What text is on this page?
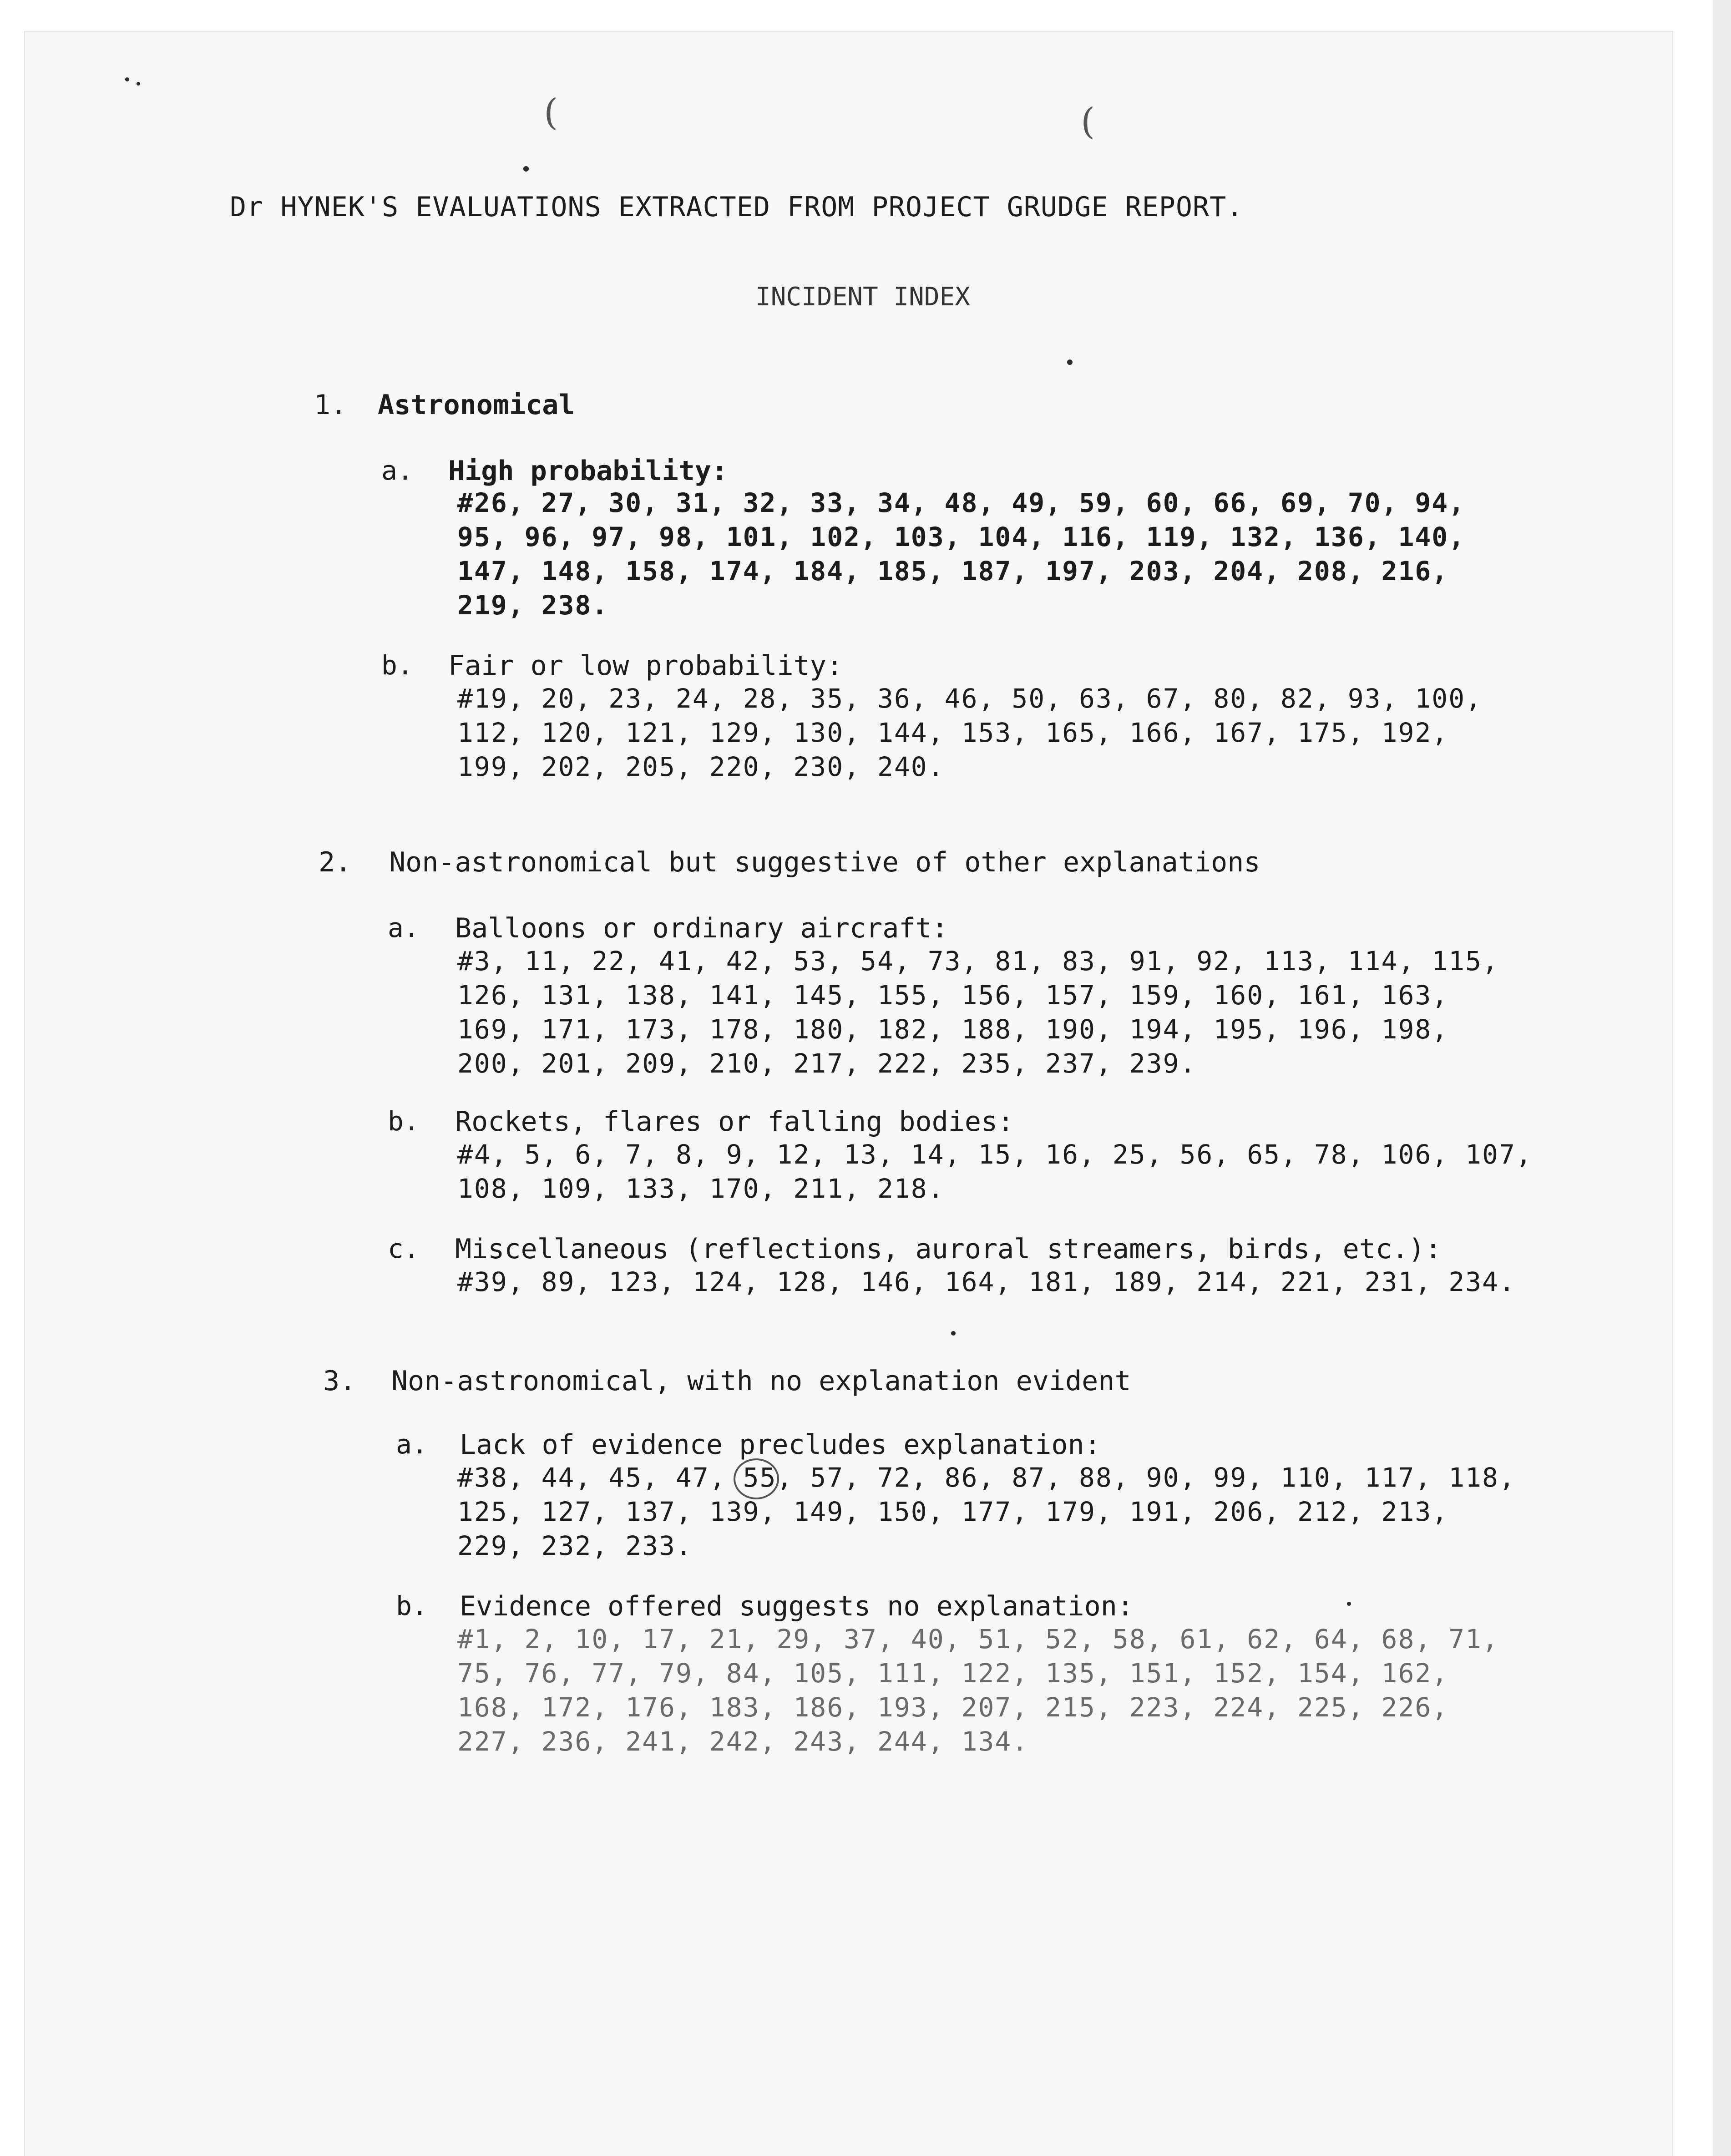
(	(
Dr HYNEK'S EVALUATIONS EXTRACTED FROM PROJECT GRUDGE REPORT.
INCIDENT INDEX
1. Astronomical
a. High probability:
#26, 27, 30, 31, 32, 33, 34, 48, 49, 59, 60, 66, 69, 70, 94,
95, 96, 97, 98, 101, 102, 103, 104, 116, 119, 132, 136, 140,
147, 148, 158, 174, 184, 185, 187, 197, 203, 204, 208, 216,
219, 238.
b. Fair or low probability:
#19, 20, 23, 24, 28, 35, 36, 46, 50, 63, 67, 80, 82, 93, 100,
112, 120, 121, 129, 130, 144, 153, 165, 166, 167, 175, 192,
199, 202, 205, 220, 230, 240.
2. Non-astronomical but suggestive of other explanations
a. Balloons or ordinary aircraft:
#3, 11, 22, 41, 42, 53, 54, 73, 81, 83, 91, 92, 113, 114, 115,
126, 131, 138, 141, 145, 155, 156, 157, 159, 160, 161, 163,
169, 171, 173, 178, 180, 182, 188, 190, 194, 195, 196, 198,
200, 201, 209, 210, 217, 222, 235, 237, 239.
b. Rockets, flares or falling bodies:
#4, 5, 6, 7, 8, 9, 12, 13, 14, 15, 16, 25, 56, 65, 78, 106, 107,
108, 109, 133, 170, 211, 218.
c. Miscellaneous (reflections, auroral streamers, birds, etc.):
#39, 89, 123, 124, 128, 146, 164, 181, 189, 214, 221, 231, 234.
3. Non-astronomical, with no explanation evident
a. Lack of evidence precludes explanation:
#38, 44, 45, 47, 55, 57, 72, 86, 87, 88, 90, 99, 110, 117, 118,
125, 127, 137, 139, 149, 150, 177, 179, 191, 206, 212, 213,
229, 232, 233.
b. Evidence offered suggests no explanation:
#1, 2, 10, 17, 21, 29, 37, 40, 51, 52, 58, 61, 62, 64, 68, 71,
75, 76, 77, 79, 84, 105, 111, 122, 135, 151, 152, 154, 162,
168, 172, 176, 183, 186, 193, 207, 215, 223, 224, 225, 226,
227, 236, 241, 242, 243, 244, 134.
